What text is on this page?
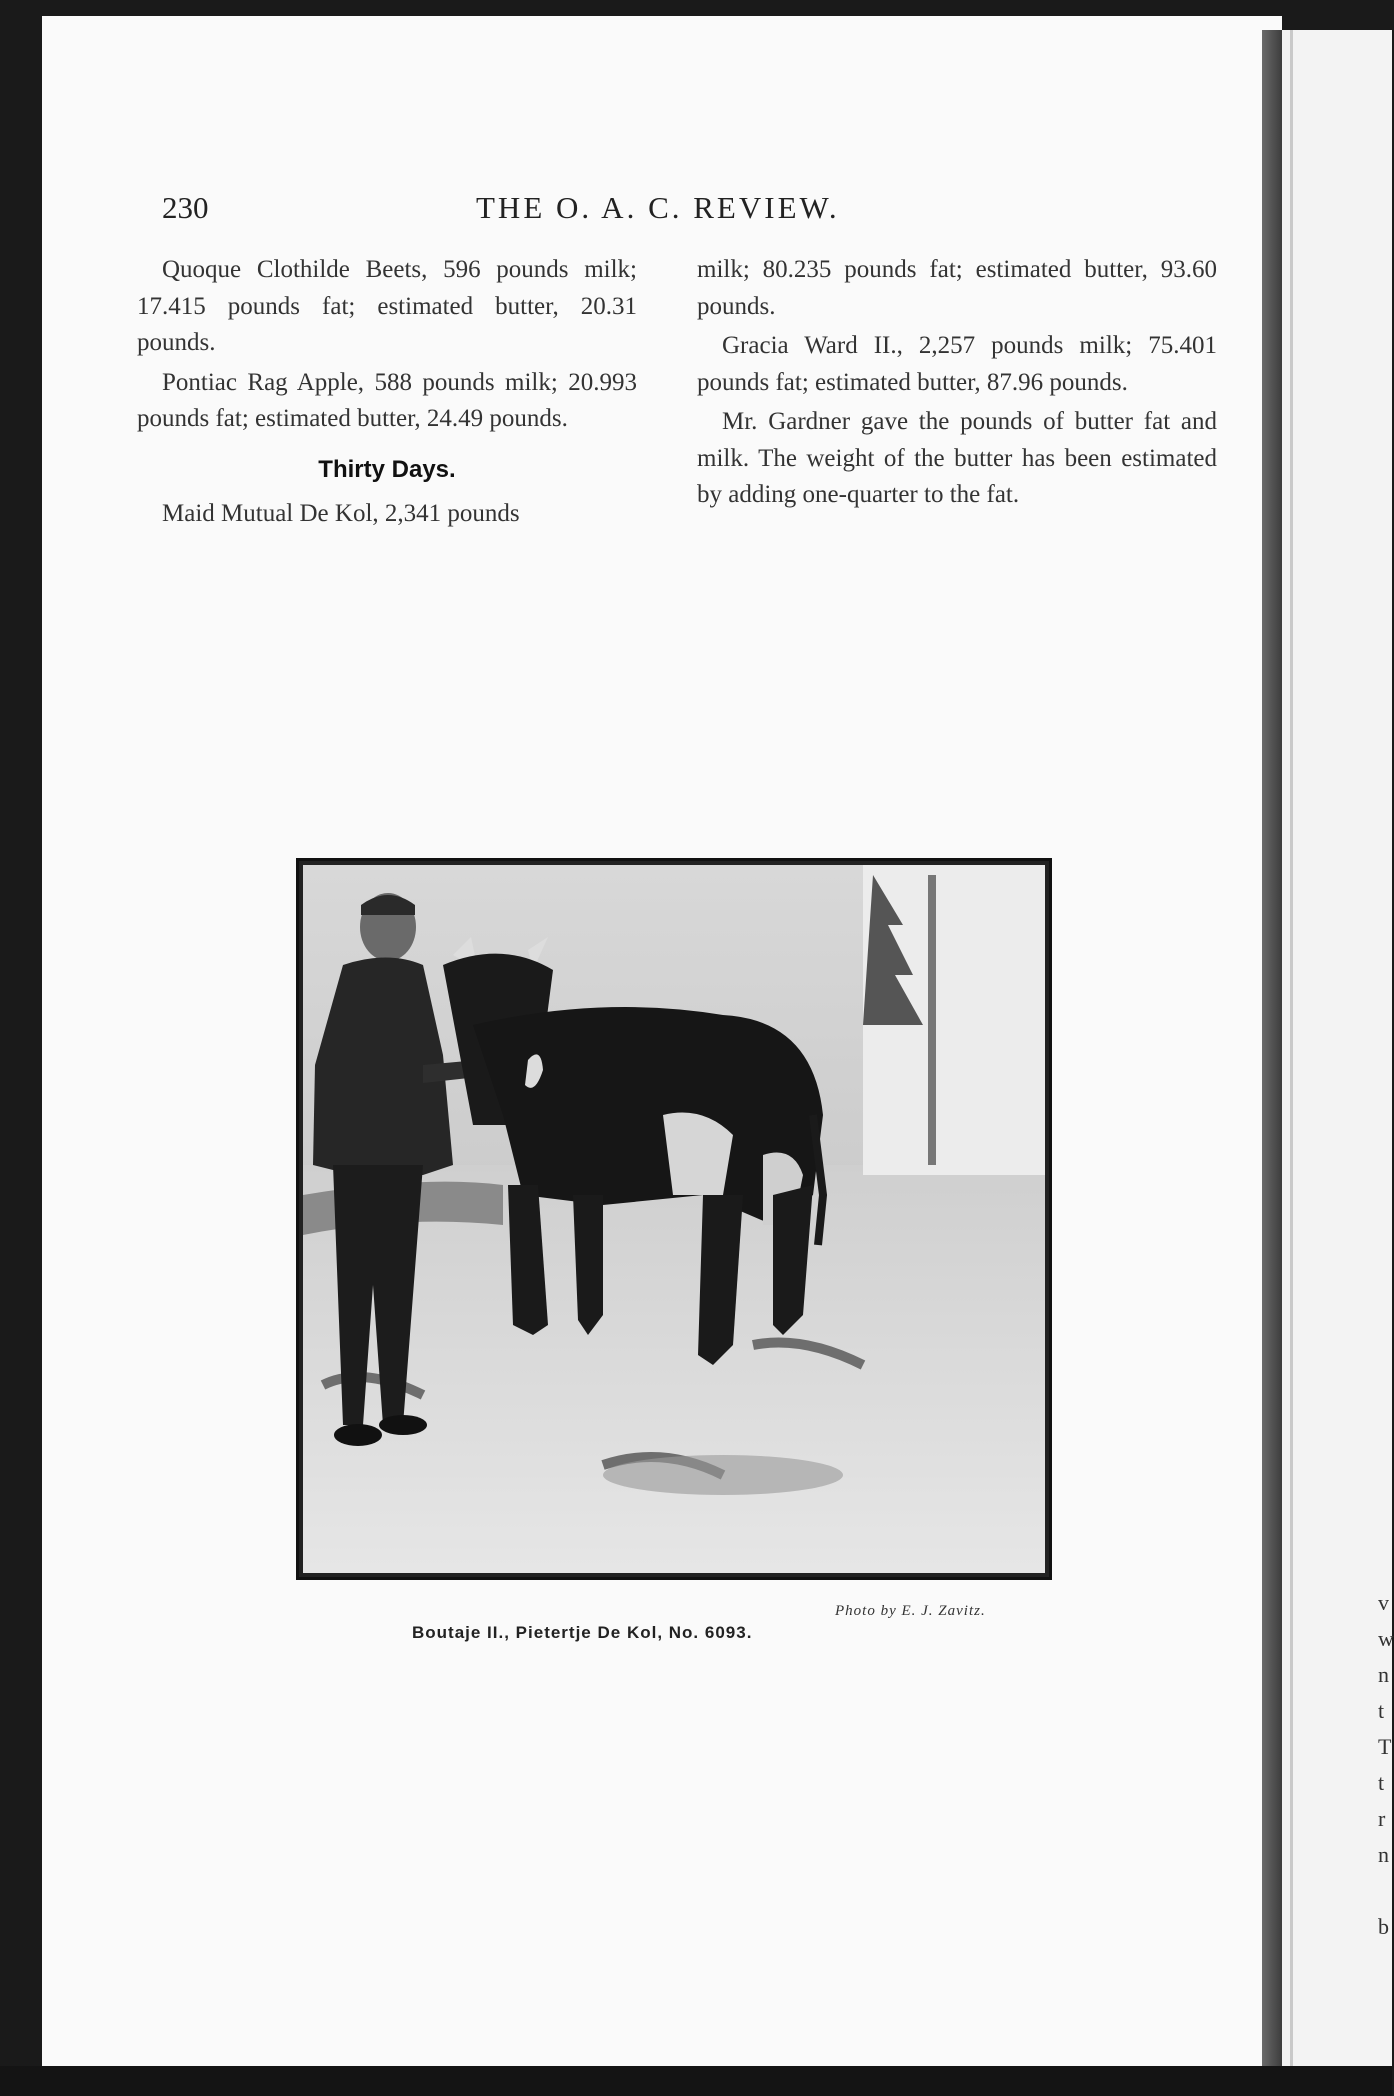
230	THE O. A. C. REVIEW.

Quoque Clothilde Beets, 596 pounds milk; 17.415 pounds fat; estimated butter, 20.31 pounds.

Pontiac Rag Apple, 588 pounds milk; 20.993 pounds fat; estimated butter, 24.49 pounds.

Thirty Days.

Maid Mutual De Kol, 2,341 pounds

milk; 80.235 pounds fat; estimated butter, 93.60 pounds.

Gracia Ward II., 2,257 pounds milk; 75.401 pounds fat; estimated butter, 87.96 pounds.

Mr. Gardner gave the pounds of butter fat and milk. The weight of the butter has been estimated by adding one-quarter to the fat.

Photo by E. J. Zavitz.
Boutaje II., Pietertje De Kol, No. 6093.
v
w
n
t
T
t
r
n
b
